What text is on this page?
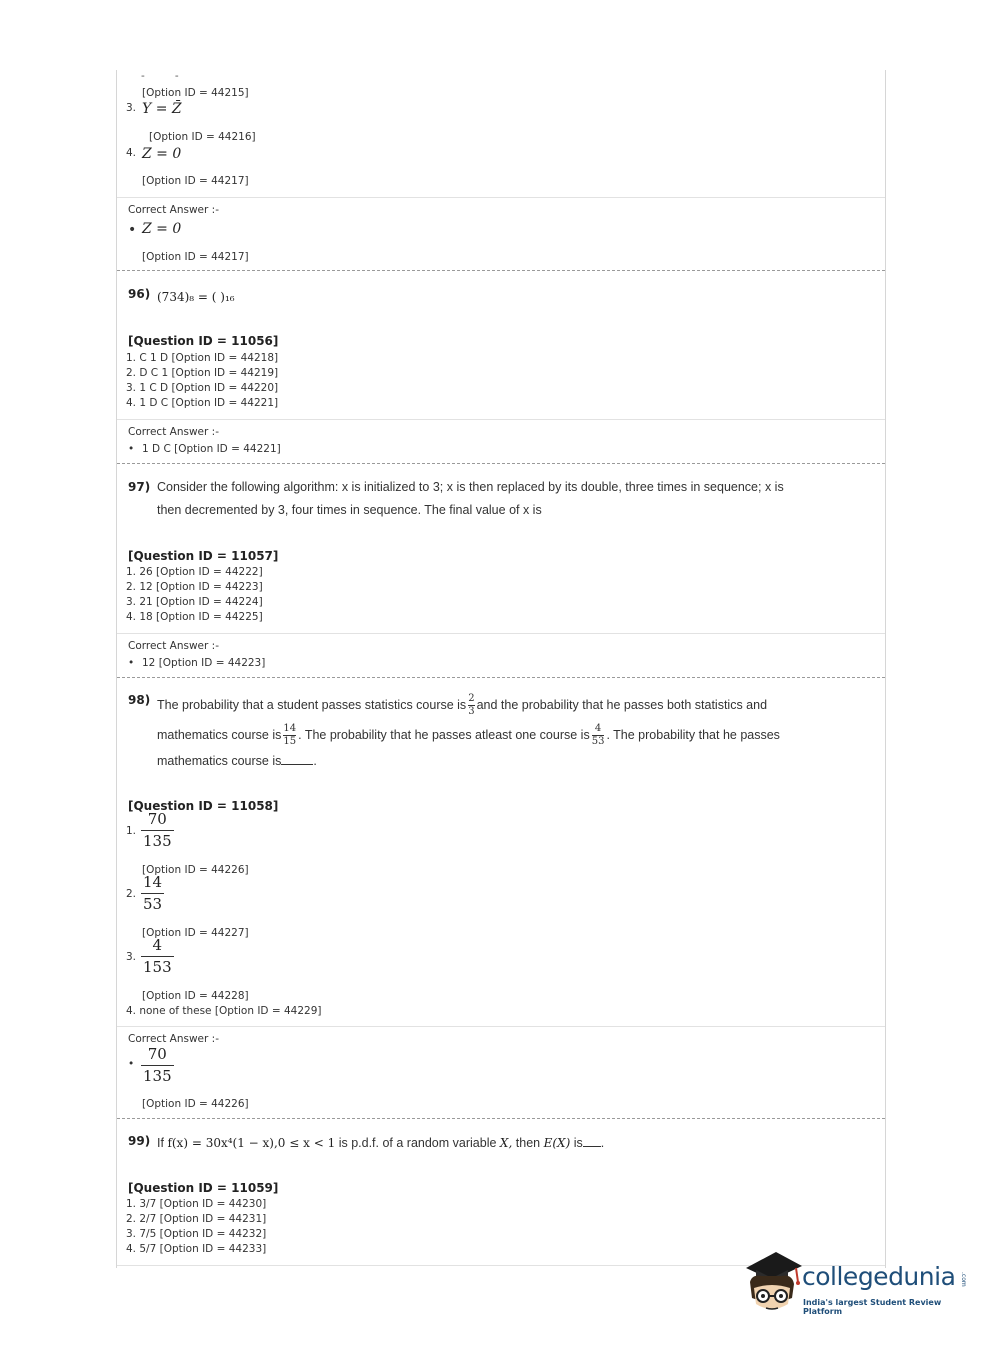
-         -
[Option ID = 44215]
3. Y = Z̄
[Option ID = 44216]
4. Z = 0
[Option ID = 44217]
Correct Answer :-
• Z = 0
[Option ID = 44217]
96) (734)₈ = ( )₁₆
[Question ID = 11056]
1. C 1 D [Option ID = 44218]
2. D C 1 [Option ID = 44219]
3. 1 C D [Option ID = 44220]
4. 1 D C [Option ID = 44221]
Correct Answer :-
• 1 D C [Option ID = 44221]
97) Consider the following algorithm: x is initialized to 3; x is then replaced by its double, three times in sequence; x is
then decremented by 3, four times in sequence. The final value of x is
[Question ID = 11057]
1. 26 [Option ID = 44222]
2. 12 [Option ID = 44223]
3. 21 [Option ID = 44224]
4. 18 [Option ID = 44225]
Correct Answer :-
• 12 [Option ID = 44223]
98) The probability that a student passes statistics course is $\frac{2}{3}$ and the probability that he passes both statistics and
mathematics course is $\frac{14}{15}$ . The probability that he passes atleast one course is $\frac{4}{53}$ . The probability that he passes
mathematics course is	.
[Question ID = 11058]
1. $\frac{70}{135}$
[Option ID = 44226]
2. $\frac{14}{53}$
[Option ID = 44227]
3. $\frac{4}{153}$
[Option ID = 44228]
4. none of these [Option ID = 44229]
Correct Answer :-
• $\frac{70}{135}$
[Option ID = 44226]
99) If f(x) = 30x⁴(1 − x),0 ≤ x < 1 is p.d.f. of a random variable X, then E(X) is .
[Question ID = 11059]
1. 3/7 [Option ID = 44230]
2. 2/7 [Option ID = 44231]
3. 7/5 [Option ID = 44232]
4. 5/7 [Option ID = 44233]
collegedunia .com
India's largest Student Review Platform
